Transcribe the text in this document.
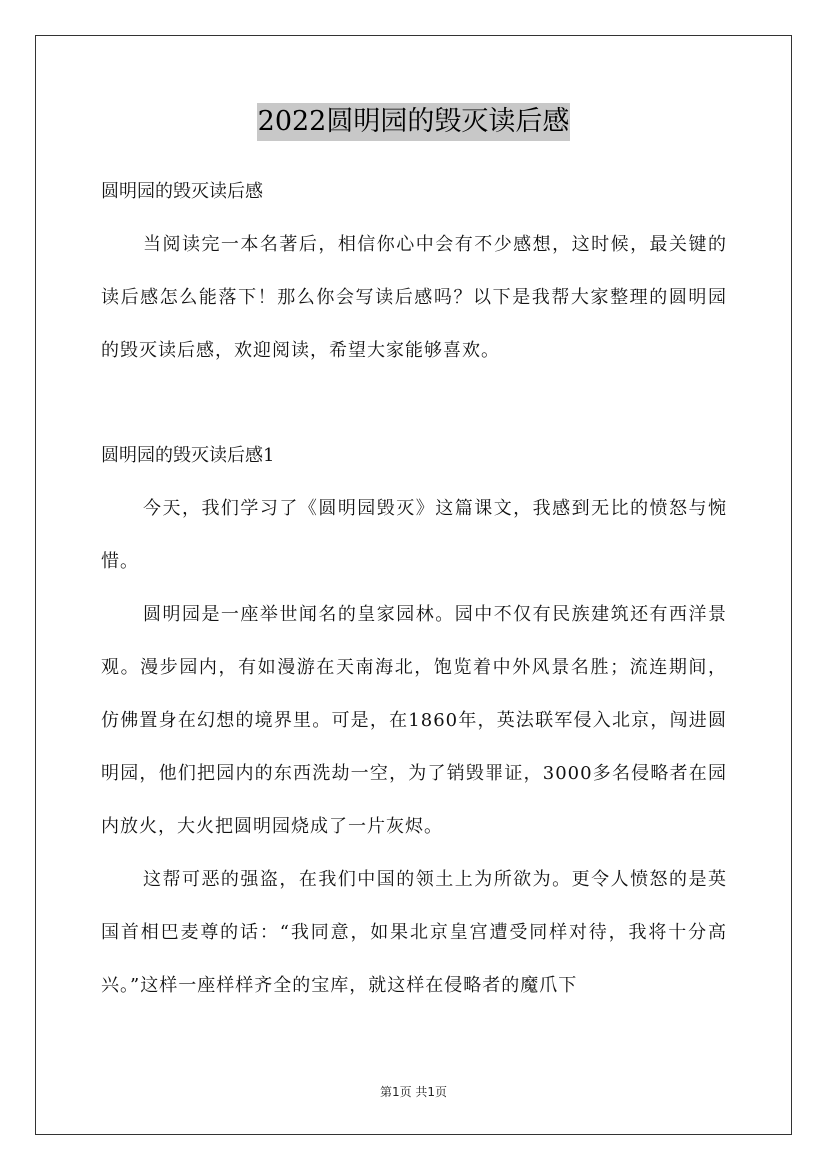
2022圆明园的毁灭读后感

圆明园的毁灭读后感

当阅读完一本名著后，相信你心中会有不少感想，这时候，最关键的读后感怎么能落下！那么你会写读后感吗？以下是我帮大家整理的圆明园的毁灭读后感，欢迎阅读，希望大家能够喜欢。

圆明园的毁灭读后感1

今天，我们学习了《圆明园毁灭》这篇课文，我感到无比的愤怒与惋惜。

圆明园是一座举世闻名的皇家园林。园中不仅有民族建筑还有西洋景观。漫步园内，有如漫游在天南海北，饱览着中外风景名胜；流连期间，仿佛置身在幻想的境界里。可是，在1860年，英法联军侵入北京，闯进圆明园，他们把园内的东西洗劫一空，为了销毁罪证，3000多名侵略者在园内放火，大火把圆明园烧成了一片灰烬。

这帮可恶的强盗，在我们中国的领土上为所欲为。更令人愤怒的是英国首相巴麦尊的话：“我同意，如果北京皇宫遭受同样对待，我将十分高兴。”这样一座样样齐全的宝库，就这样在侵略者的魔爪下

第1页 共1页
